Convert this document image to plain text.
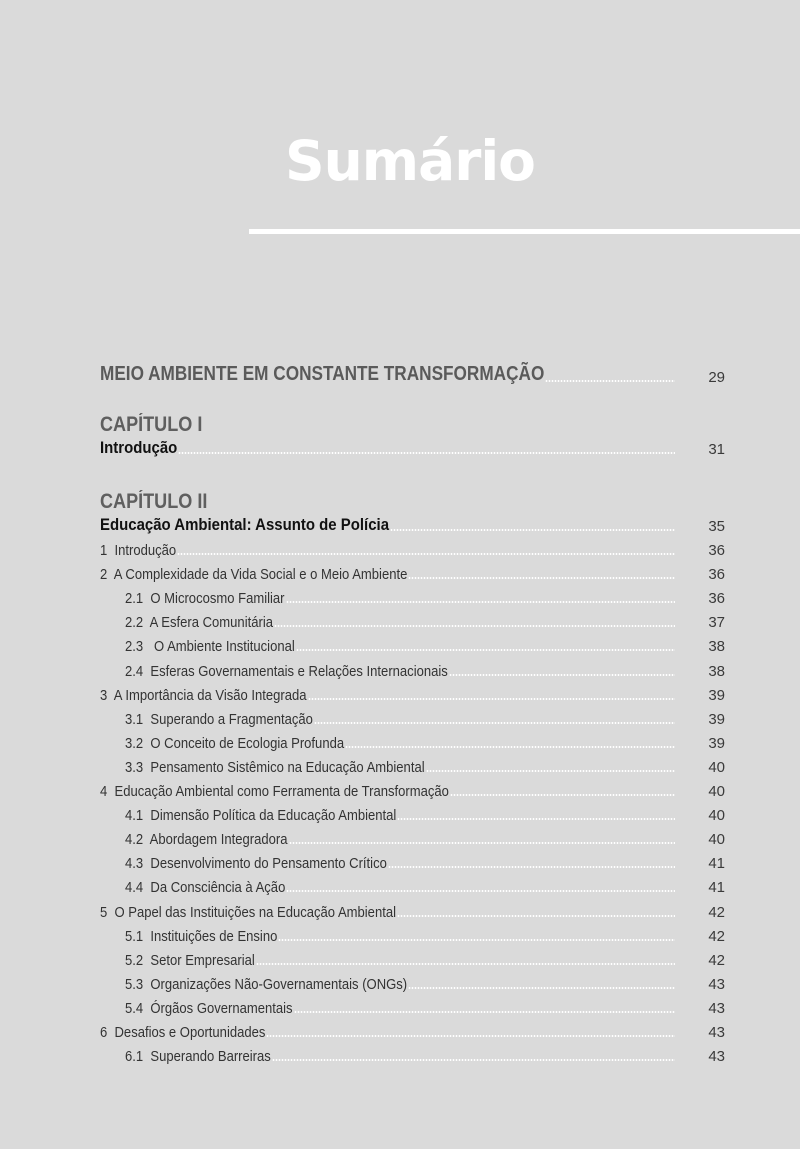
Sumário
MEIO AMBIENTE EM CONSTANTE TRANSFORMAÇÃO	29
CAPÍTULO I
Introdução	31
CAPÍTULO II
Educação Ambiental: Assunto de Polícia	35
1  Introdução	36
2  A Complexidade da Vida Social e o Meio Ambiente	36
2.1  O Microcosmo Familiar	36
2.2  A Esfera Comunitária	37
2.3   O Ambiente Institucional	38
2.4  Esferas Governamentais e Relações Internacionais	38
3  A Importância da Visão Integrada	39
3.1  Superando a Fragmentação	39
3.2  O Conceito de Ecologia Profunda	39
3.3  Pensamento Sistêmico na Educação Ambiental	40
4  Educação Ambiental como Ferramenta de Transformação	40
4.1  Dimensão Política da Educação Ambiental	40
4.2  Abordagem Integradora	40
4.3  Desenvolvimento do Pensamento Crítico	41
4.4  Da Consciência à Ação	41
5  O Papel das Instituições na Educação Ambiental	42
5.1  Instituições de Ensino	42
5.2  Setor Empresarial	42
5.3  Organizações Não-Governamentais (ONGs)	43
5.4  Órgãos Governamentais	43
6  Desafios e Oportunidades	43
6.1  Superando Barreiras	43
